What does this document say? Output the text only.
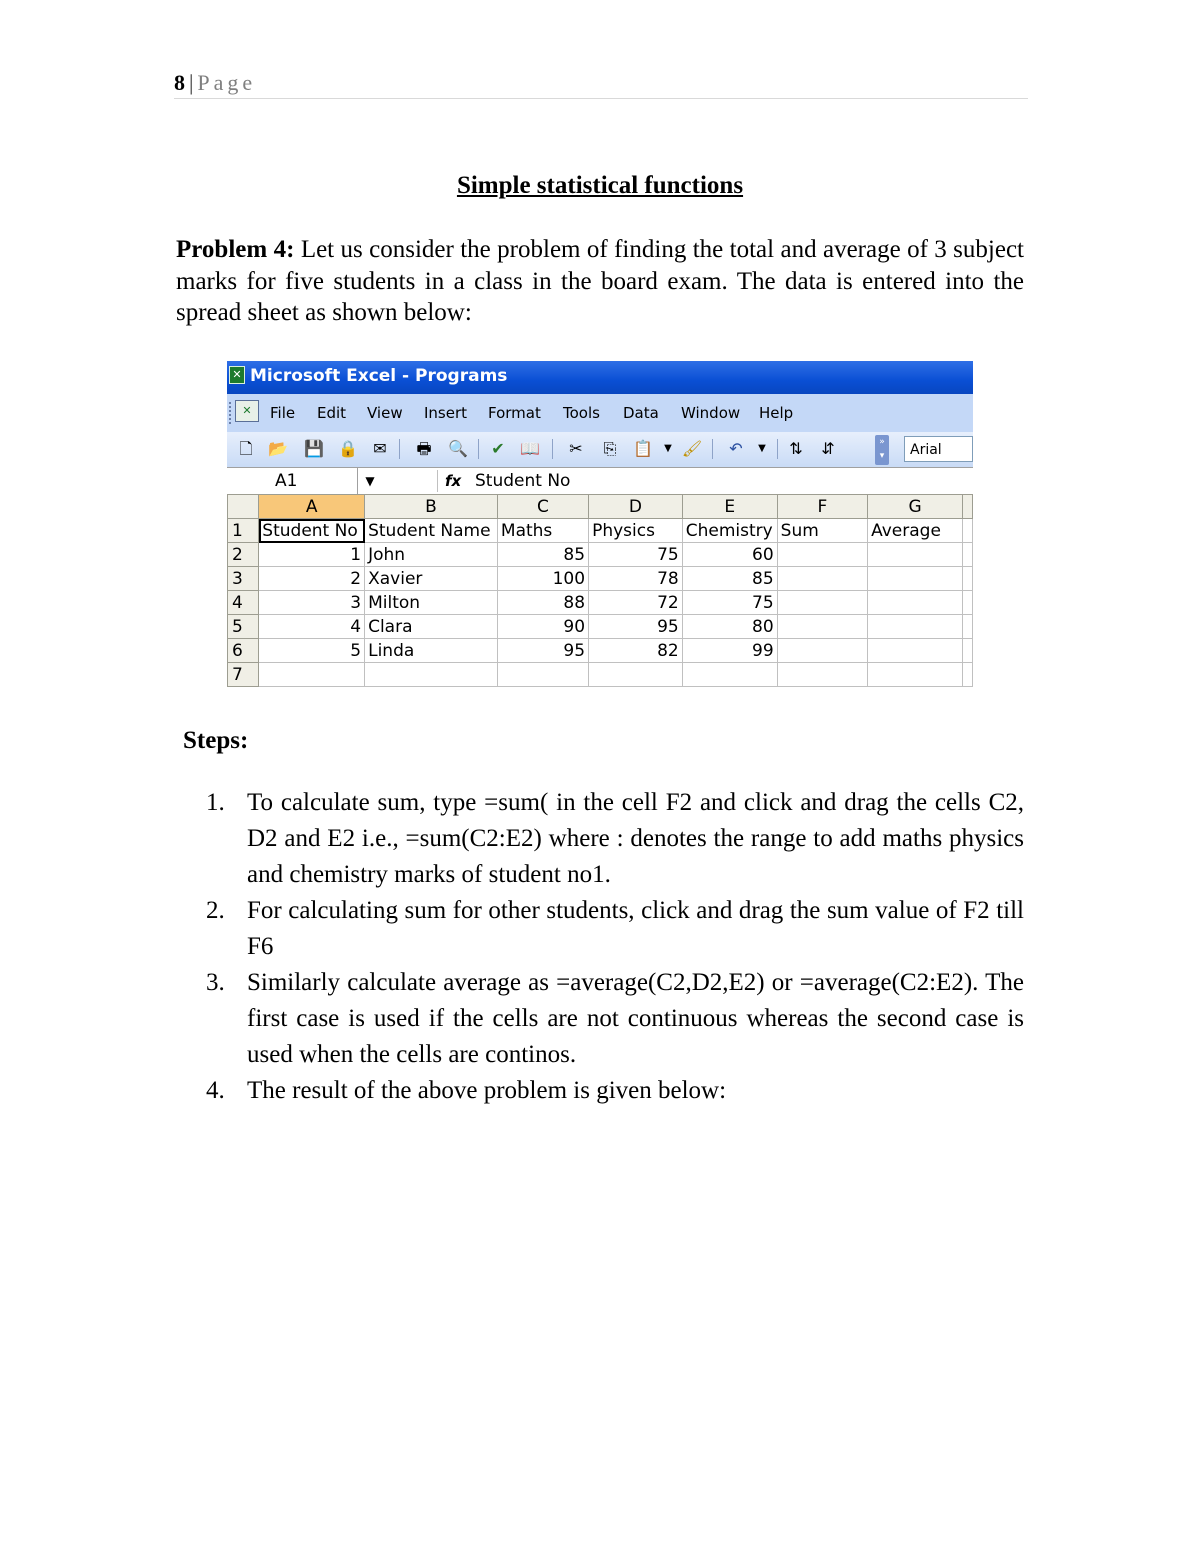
8 | Page
Simple statistical functions
Problem 4: Let us consider the problem of finding the total and average of 3 subject marks for five students in a class in the board exam. The data is entered into the spread sheet as shown below:
✕ Microsoft Excel - Programs
✕	File Edit View Insert Format Tools Data Window Help
🗋 📂 💾 🔒 ✉ 🖶 🔍 ✔ 📖 ✂ ⎘ 📋	▼ 🖌 ↶	▼	⇅ ⇵	»
▾	Arial
A1	▼	fx Student No
	A	B	C	D	E	F	G	
1	Student No	Student Name	Maths	Physics	Chemistry	Sum	Average	
2	1	John	85	75	60			
3	2	Xavier	100	78	85			
4	3	Milton	88	72	75			
5	4	Clara	90	95	80			
6	5	Linda	95	82	99			
7								
Steps:
1. To calculate sum, type =sum( in the cell F2 and click and drag the cells C2, D2 and E2 i.e., =sum(C2:E2) where : denotes the range to add maths physics and chemistry marks of student no1.
2. For calculating sum for other students, click and drag the sum value of F2 till F6
3. Similarly calculate average as =average(C2,D2,E2) or =average(C2:E2). The first case is used if the cells are not continuous whereas the second case is used when the cells are continos.
4. The result of the above problem is given below:
